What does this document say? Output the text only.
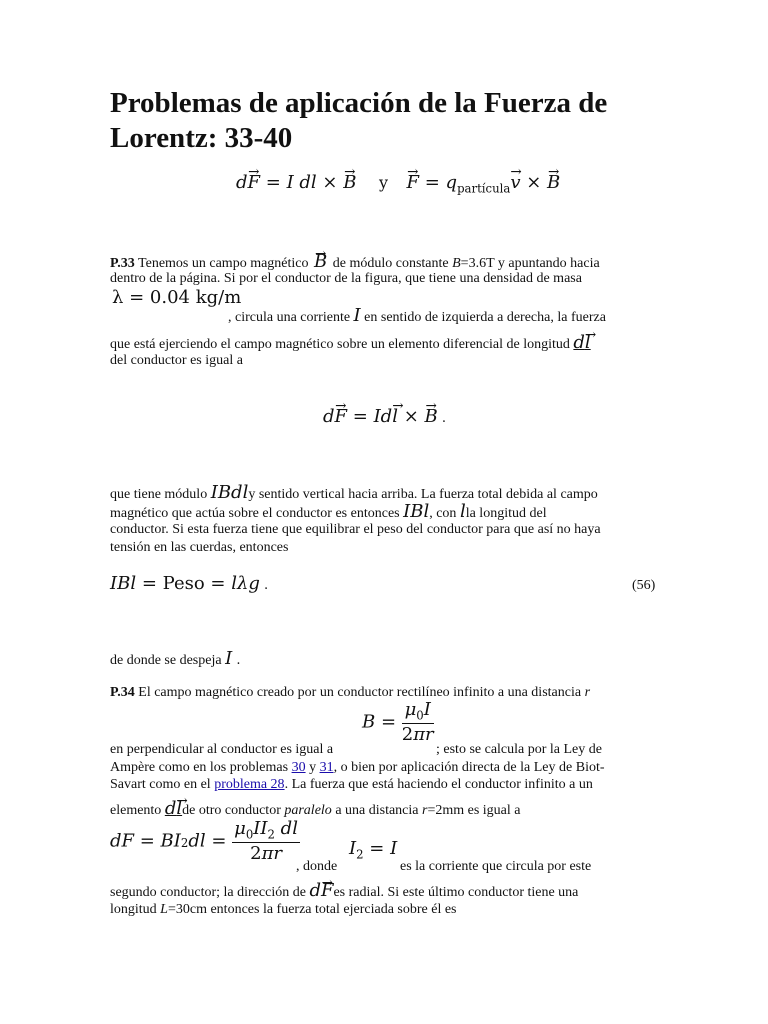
Problemas de aplicación de la Fuerza de
Lorentz: 33-40
dF → = I dl × B → y F → = $q_{partícula}v$ → × B →
P.33 Tenemos un campo magnético B → de módulo constante B=3.6T y apuntando hacia
dentro de la página. Si por el conductor de la figura, que tiene una densidad de masa
λ = 0.04 kg/m
, circula una corriente I en sentido de izquierda a derecha, la fuerza
que está ejerciendo el campo magnético sobre un elemento diferencial de longitud dl →
del conductor es igual a
dF → = Idl → × B → .
que tiene módulo IBdly sentido vertical hacia arriba. La fuerza total debida al campo
magnético que actúa sobre el conductor es entonces IBl, con lla longitud del
conductor. Si esta fuerza tiene que equilibrar el peso del conductor para que así no haya
tensión en las cuerdas, entonces
IBl = Peso = lλg .	(56)
de donde se despeja I .
P.34 El campo magnético creado por un conductor rectilíneo infinito a una distancia r
$B = \frac{\mu_0I}{2\pi r}$
en perpendicular al conductor es igual a	; esto se calcula por la Ley de
Ampère como en los problemas 30 y 31, o bien por aplicación directa de la Ley de Biot-
Savart como en el problema 28. La fuerza que está haciendo el conductor infinito a un
elemento dl →de otro conductor paralelo a una distancia r=2mm es igual a
dF = $BI_2dl = \frac{\mu_0II_2 dl}{2\pi r}$	$I_2 = I$
, donde	es la corriente que circula por este
segundo conductor; la dirección de dF →es radial. Si este último conductor tiene una
longitud L=30cm entonces la fuerza total ejerciada sobre él es
